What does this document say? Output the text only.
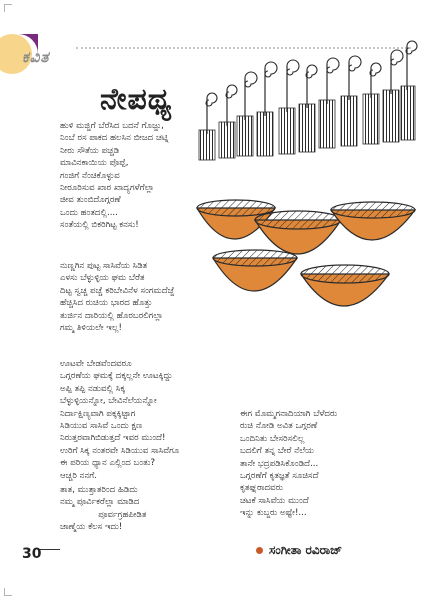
ಕವಿತ
ನೇಪಥ್ಯ
ಹುಳಿ ಮಜ್ಜಿಗೆ ಬೆರೆಸಿದ ಬದನೆ ಗೊಜ್ಜು,
ನಿಂಬೆ ರಸ ಪಾಕದ ಹಲಸಿನ ಬೀಜದ ಚಟ್ನಿ
ನೀರು ಸೌತೆಯ ಪಚ್ಚಡಿ
ಮಾವಿನಕಾಯಿಯ ಪೊಪ್ಪೆ,
ಗಂಜಿಗೆ ನೆಂಚಿಕೊಳ್ಳುವ
ನೀರೂರಿಸುವ ಖಾರ ಖಾದ್ಯಗಳೆಗೆಲ್ಲಾ
ಜೀವ ತುಂಬಿದೊಗ್ಗರಣೆ
ಒಂದು ಹಂತದಲ್ಲಿ....
ಸಂತೆಯಲ್ಲಿ ಬಿಕರಿಗಿಟ್ಟ ಕನಸು!
ನುಣ್ಣಗಿನ ಪುಟ್ಟ ಸಾಸಿವೆಯ ಸಿಡಿತ
ಎಳಸು ಬೆಳ್ಳುಳ್ಳಿಯ ಘಮ ಬೆರೆತ
ದಿಟ್ಟ ಸ್ವಚ್ಚ ಪಚ್ಚೆ ಕರಿಬೇವಿನೆಳ ಸಂಗಮದೆಜ್ಜೆ
ಹೆಚ್ಚಿಸಿದ ರುಚಿಯ ಭಾರದ ಹೊತ್ತು
ತುರ್ಜಿನ ದಾರಿಯಲ್ಲಿ ಹೊರಬರಲಿಗಲ್ಲಾ
ಗಮ್ಮ ತಿಳಿಯಲೇ ಇಲ್ಲ!
ಊಟವೇ ಬೇಡವೆಂದವರೂ
ಒಗ್ಗರಣೆಯ ಘಮಕ್ಕೆ ದಕ್ಕಲ್ಲನೇ ಊಟಕ್ಕಿದ್ದು
ಅಪ್ಪಿ ತಪ್ಪಿ ನಡುವಲ್ಲಿ ಸಿಕ್ಕ
ಬೆಳ್ಳುಳ್ಳಿಯನ್ನೋ, ಬೇವಿನೆಲೆಯನ್ನೋ
ನಿರ್ದಾಕ್ಷಿಣ್ಯವಾಗಿ ಪಕ್ಕಕ್ಕಿಟ್ಟಾಗ
ಸಿಡಿಯುವ ಸಾಸಿವೆ ಒಂದು ಕ್ಷಣ
ನಿರುತ್ತರವಾಗಿಬಿಡುತ್ತದೆ ಇವರ ಮುಂದೆ!
ಉರಿಗೆ ಸಿಕ್ಕ ನಂತರವೇ ಸಿಡಿಯುವ ಸಾಸಿವೆಗೂ
ಈ ಪರಿಯ ಧ್ಯಾನ ಎಲ್ಲಿಂದ ಬಂತು?
ಆಚ್ಚರಿ ನನಗೆ.
ತಾತ, ಮುತ್ತಾತರಿಂದ ಹಿಡಿದು
ನಮ್ಮ ಪೂರ್ವಿಕರೆಲ್ಲಾ ಮಾಡಿದ
ಪೂರ್ವಗ್ರಹಪೀಡಿತ
ಜಾಣ್ಮೆಯ ಕೆಲಸ ಇದು!
ಈಗ ಮೊಮ್ಮಗನಾದಿಯಾಗಿ ಬೆಳೆದರು
ರುಚಿ ನೋಡಿ ಅವಿತ ಒಗ್ಗರಣೆ
ಒಂದಿನಿತು ಬೇಸರಿಸಲಿಲ್ಲ
ಬದಲಿಗೆ ತನ್ನ ಬೇರೆ ನೆಲೆಯ
ತಾನೇ ಭದ್ರಪಡಿಸಿಕೊಂಡಿದೆ...
ಒಗ್ಗರಣೆಗೆ ಕೃತಜ್ಞತೆ ಸೂಚಿಸದೆ
ಕೃತಘ್ನರಾದವರು
ಚಟಕೆ ಸಾಸಿವೆಯ ಮುಂದೆ
ಇನ್ನು ಕುಬ್ಜರು ಅಷ್ಟೇ!...
ಸಂಗೀತಾ ರವಿರಾಜ್
30
